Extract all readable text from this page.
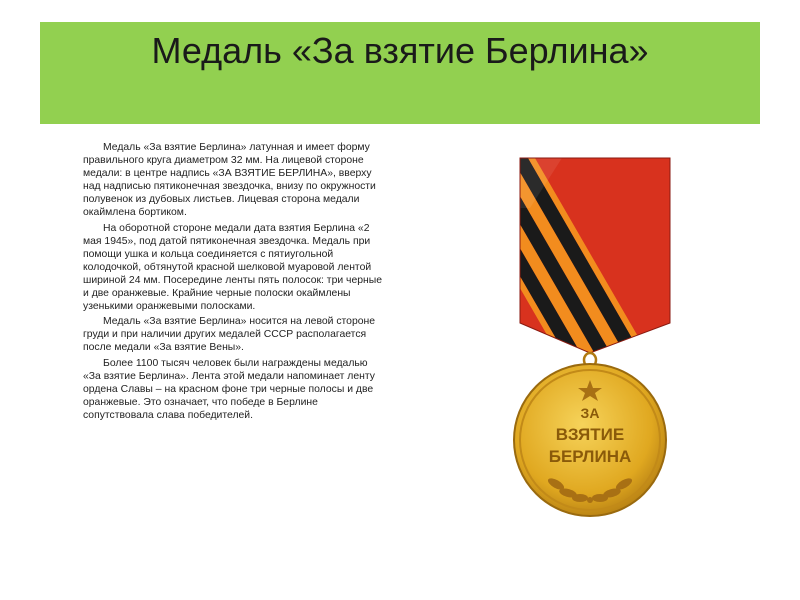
Медаль «За взятие Берлина»

Медаль «За взятие Берлина» латунная и имеет форму правильного круга диаметром 32 мм. На лицевой стороне медали: в центре надпись «ЗА ВЗЯТИЕ БЕРЛИНА», вверху над надписью пятиконечная звездочка, внизу по окружности полувенок из дубовых листьев. Лицевая сторона медали окаймлена бортиком.

На оборотной стороне медали дата взятия Берлина «2 мая 1945», под датой пятиконечная звездочка. Медаль при помощи ушка и кольца соединяется с пятиугольной колодочкой, обтянутой красной шелковой муаровой лентой шириной 24 мм. Посередине ленты пять полосок: три черные и две оранжевые. Крайние черные полоски окаймлены узенькими оранжевыми полосками.

Медаль «За взятие Берлина» носится на левой стороне груди и при наличии других медалей СССР располагается после медали «За взятие Вены».

Более 1100 тысяч человек были награждены медалью «За взятие Берлина». Лента этой медали напоминает ленту ордена Славы – на красном фоне три черные полосы и две оранжевые. Это означает, что победе в Берлине сопутствовала слава победителей.	ЗА
ВЗЯТИЕ
БЕРЛИНА
